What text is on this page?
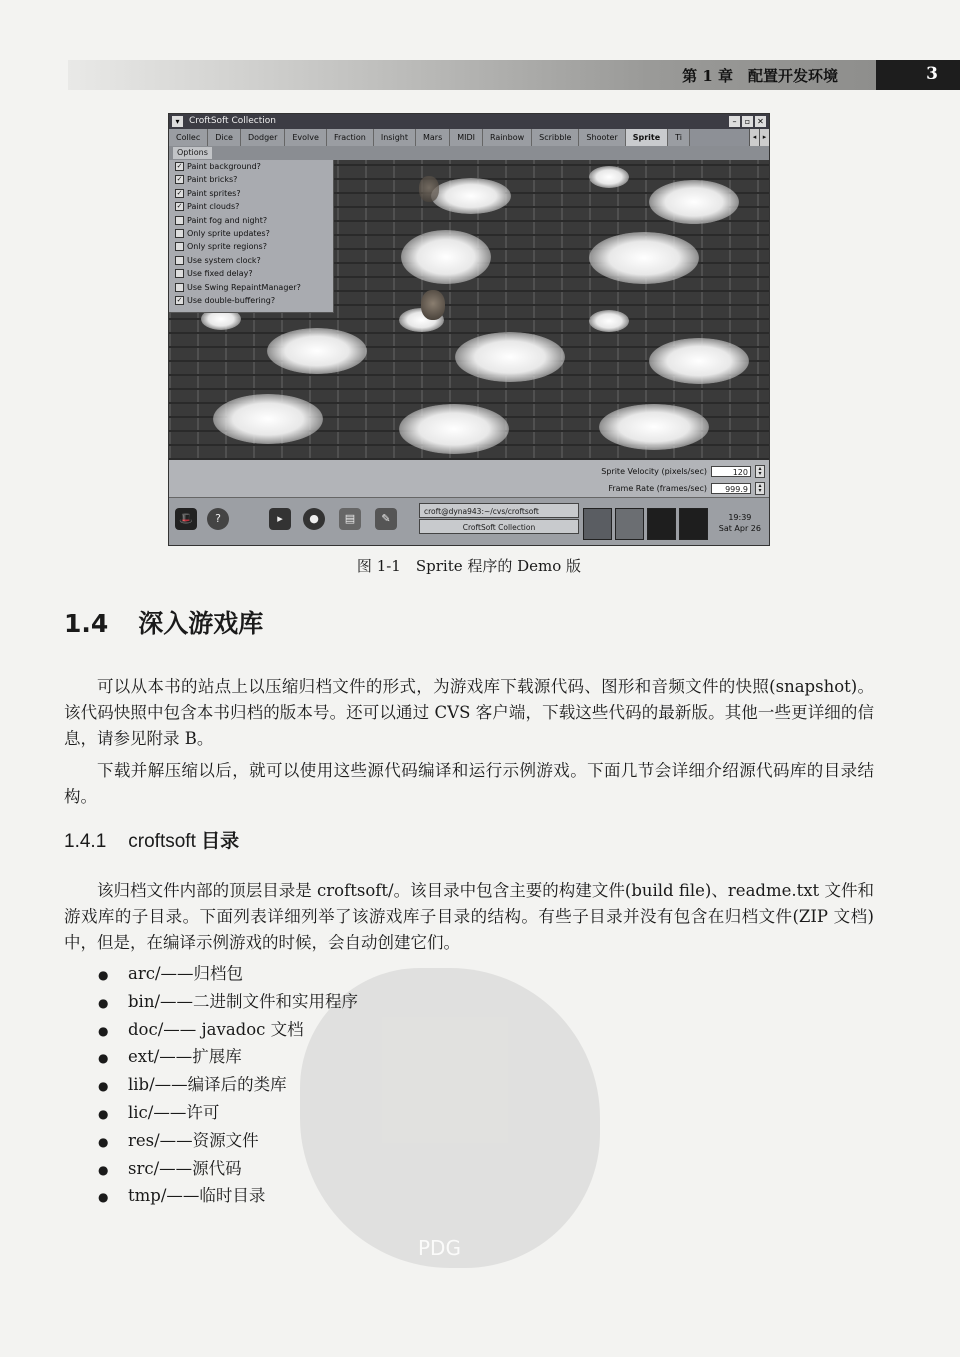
第 1 章　配置开发环境	3
▾	CroftSoft Collection	–	▫ ✕
Collec	Dice	Dodger	Evolve	Fraction	Insight	Mars	MIDI	Rainbow	Scribble	Shooter	Sprite	Ti	◂ ▸
Options
✓ Paint background?
✓ Paint bricks?
✓ Paint sprites?
✓ Paint clouds?
Paint fog and night?
Only sprite updates?
Only sprite regions?
Use system clock?
Use fixed delay?
Use Swing RepaintManager?
✓ Use double-buffering?
Sprite Velocity (pixels/sec)	120	▴
▾
Frame Rate (frames/sec)	999.9	▴
▾
🎩	?	▸	●	▤	✎
croft@dyna943:~/cvs/croftsoft
CroftSoft Collection
19:39
Sat Apr 26
图 1-1　Sprite 程序的 Demo 版
1.4 深入游戏库

可以从本书的站点上以压缩归档文件的形式，为游戏库下载源代码、图形和音频文件的快照(snapshot)。该代码快照中包含本书归档的版本号。还可以通过 CVS 客户端，下载这些代码的最新版。其他一些更详细的信息，请参见附录 B。

下载并解压缩以后，就可以使用这些源代码编译和运行示例游戏。下面几节会详细介绍源代码库的目录结构。

1.4.1 croftsoft 目录

该归档文件内部的顶层目录是 croftsoft/。该目录中包含主要的构建文件(build file)、readme.txt 文件和游戏库的子目录。下面列表详细列举了该游戏库子目录的结构。有些子目录并没有包含在归档文件(ZIP 文档)中，但是，在编译示例游戏的时候，会自动创建它们。

PDG
● arc/——归档包
● bin/——二进制文件和实用程序
● doc/—— javadoc 文档
● ext/——扩展库
● lib/——编译后的类库
● lic/——许可
● res/——资源文件
● src/——源代码
● tmp/——临时目录
